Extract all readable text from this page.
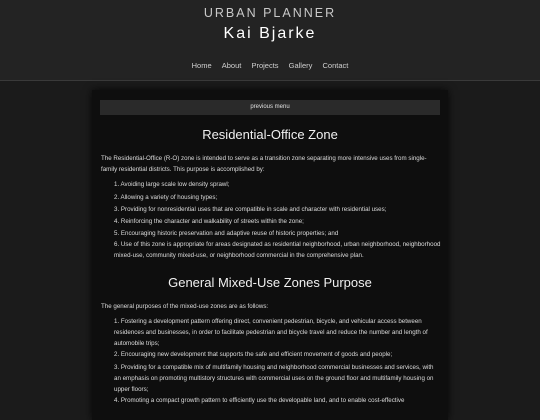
URBAN PLANNER
Kai Bjarke
Home About Projects Gallery Contact
previous menu
Residential-Office Zone
The Residential-Office (R-O) zone is intended to serve as a transition zone separating more intensive uses from single-family residential districts. This purpose is accomplished by:
1. Avoiding large scale low density sprawl;
2. Allowing a variety of housing types;
3. Providing for nonresidential uses that are compatible in scale and character with residential uses;
4. Reinforcing the character and walkability of streets within the zone;
5. Encouraging historic preservation and adaptive reuse of historic properties; and
6. Use of this zone is appropriate for areas designated as residential neighborhood, urban neighborhood, neighborhood mixed-use, community mixed-use, or neighborhood commercial in the comprehensive plan.
General Mixed-Use Zones Purpose
The general purposes of the mixed-use zones are as follows:
1. Fostering a development pattern offering direct, convenient pedestrian, bicycle, and vehicular access between residences and businesses, in order to facilitate pedestrian and bicycle travel and reduce the number and length of automobile trips;
2. Encouraging new development that supports the safe and efficient movement of goods and people;
3. Providing for a compatible mix of multifamily housing and neighborhood commercial businesses and services, with an emphasis on promoting multistory structures with commercial uses on the ground floor and multifamily housing on upper floors;
4. Promoting a compact growth pattern to efficiently use the developable land, and to enable cost-effective
